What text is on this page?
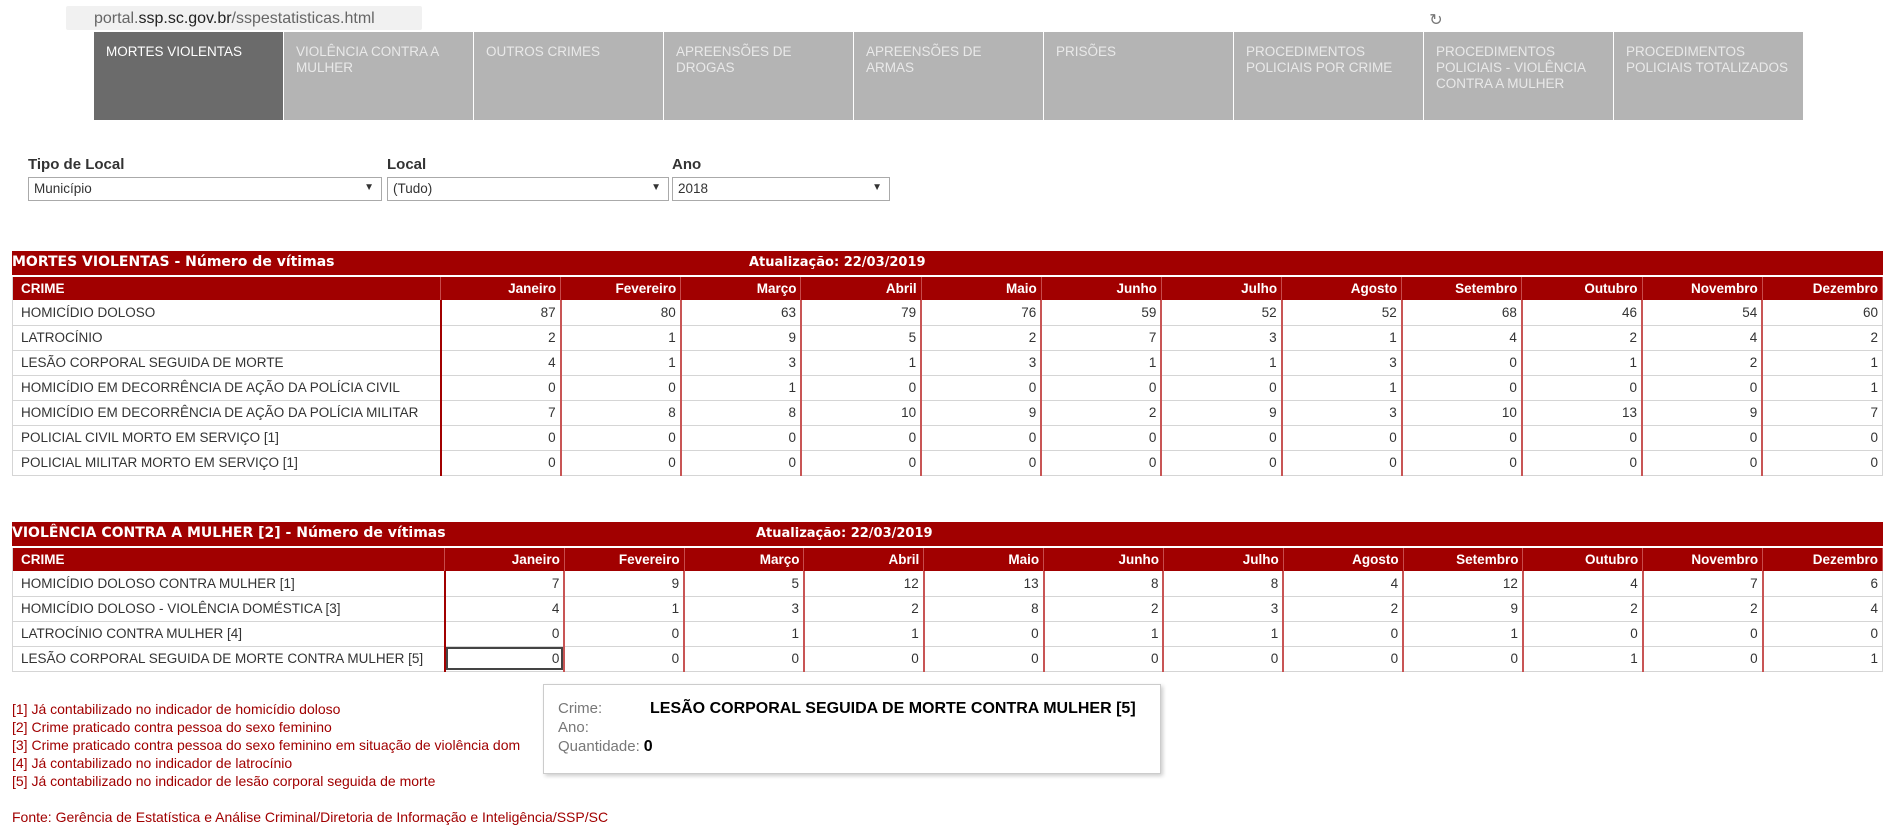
portal.ssp.sc.gov.br/sspestatisticas.html	↻
MORTES VIOLENTAS	VIOLÊNCIA CONTRA A MULHER
OUTROS CRIMES	APREENSÕES DE DROGAS
APREENSÕES DE ARMAS
PRISÕES	PROCEDIMENTOS POLICIAIS POR CRIME
PROCEDIMENTOS POLICIAIS - VIOLÊNCIA CONTRA A MULHER
PROCEDIMENTOS POLICIAIS TOTALIZADOS
Tipo de Local
Município	▼
Local
(Tudo)	▼
Ano
2018	▼
MORTES VIOLENTAS - Número de vítimas	Atualização: 22/03/2019
CRIME	Janeiro	Fevereiro	Março	Abril	Maio	Junho	Julho	Agosto	Setembro	Outubro	Novembro	Dezembro
HOMICÍDIO DOLOSO	87	80	63	79	76	59	52	52	68	46	54	60
LATROCÍNIO	2	1	9	5	2	7	3	1	4	2	4	2
LESÃO CORPORAL SEGUIDA DE MORTE	4	1	3	1	3	1	1	3	0	1	2	1
HOMICÍDIO EM DECORRÊNCIA DE AÇÃO DA POLÍCIA CIVIL	0	0	1	0	0	0	0	1	0	0	0	1
HOMICÍDIO EM DECORRÊNCIA DE AÇÃO DA POLÍCIA MILITAR	7	8	8	10	9	2	9	3	10	13	9	7
POLICIAL CIVIL MORTO EM SERVIÇO [1]	0	0	0	0	0	0	0	0	0	0	0	0
POLICIAL MILITAR MORTO EM SERVIÇO [1]	0	0	0	0	0	0	0	0	0	0	0	0
VIOLÊNCIA CONTRA A MULHER [2] - Número de vítimas	Atualização: 22/03/2019
CRIME	Janeiro	Fevereiro	Março	Abril	Maio	Junho	Julho	Agosto	Setembro	Outubro	Novembro	Dezembro
HOMICÍDIO DOLOSO CONTRA MULHER [1]	7	9	5	12	13	8	8	4	12	4	7	6
HOMICÍDIO DOLOSO - VIOLÊNCIA DOMÉSTICA [3]	4	1	3	2	8	2	3	2	9	2	2	4
LATROCÍNIO CONTRA MULHER [4]	0	0	1	1	0	1	1	0	1	0	0	0
LESÃO CORPORAL SEGUIDA DE MORTE CONTRA MULHER [5]	0	0	0	0	0	0	0	0	0	1	0	1
[1] Já contabilizado no indicador de homicídio doloso
[2] Crime praticado contra pessoa do sexo feminino
[3] Crime praticado contra pessoa do sexo feminino em situação de violência dom
[4] Já contabilizado no indicador de latrocínio
[5] Já contabilizado no indicador de lesão corporal seguida de morte
Fonte: Gerência de Estatística e Análise Criminal/Diretoria de Informação e Inteligência/SSP/SC
Crime:	LESÃO CORPORAL SEGUIDA DE MORTE CONTRA MULHER [5]
Ano:
Quantidade: 0
